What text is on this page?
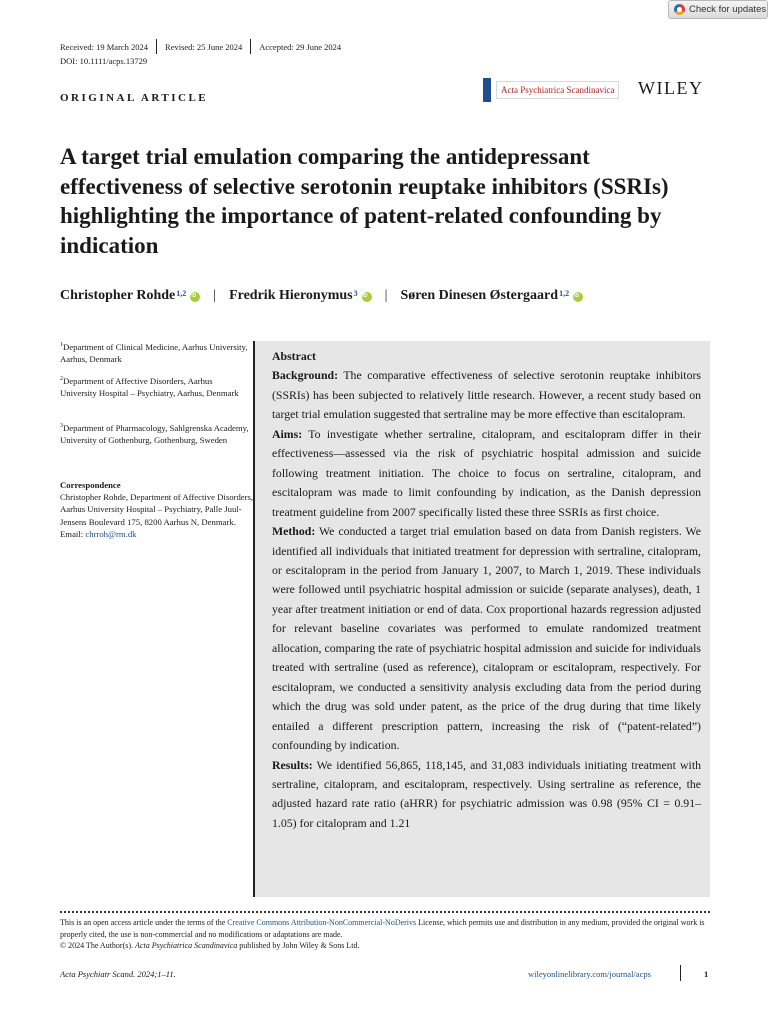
Check for updates
Received: 19 March 2024 Revised: 25 June 2024 Accepted: 29 June 2024
DOI: 10.1111/acps.13729
ORIGINAL ARTICLE
Acta Psychiatrica Scandinavica WILEY
A target trial emulation comparing the antidepressant effectiveness of selective serotonin reuptake inhibitors (SSRIs) highlighting the importance of patent-related confounding by indication
Christopher Rohde$^{1,2}$ iD | Fredrik Hieronymus$^3$ iD | Søren Dinesen Østergaard$^{1,2}$
iD
$^1$Department of Clinical Medicine, Aarhus University, Aarhus, Denmark
$^2$Department of Affective Disorders, Aarhus University Hospital – Psychiatry, Aarhus, Denmark
$^3$Department of Pharmacology, Sahlgrenska Academy, University of Gothenburg, Gothenburg, Sweden
Correspondence
Christopher Rohde, Department of Affective Disorders, Aarhus University Hospital – Psychiatry, Palle Juul-Jensens Boulevard 175, 8200 Aarhus N, Denmark.
Email: chrroh@rm.dk
Abstract
Background: The comparative effectiveness of selective serotonin reuptake inhibitors (SSRIs) has been subjected to relatively little research. However, a recent study based on target trial emulation suggested that sertraline may be more effective than escitalopram.
Aims: To investigate whether sertraline, citalopram, and escitalopram differ in their effectiveness—assessed via the risk of psychiatric hospital admission and suicide following treatment initiation. The choice to focus on sertraline, citalopram, and escitalopram was made to limit confounding by indication, as the Danish depression treatment guideline from 2007 specifically listed these three SSRIs as first choice.
Method: We conducted a target trial emulation based on data from Danish registers. We identified all individuals that initiated treatment for depression with sertraline, citalopram, or escitalopram in the period from January 1, 2007, to March 1, 2019. These individuals were followed until psychiatric hospital admission or suicide (separate analyses), death, 1 year after treatment initiation or end of data. Cox proportional hazards regression adjusted for relevant baseline covariates was performed to emulate randomized treatment allocation, comparing the rate of psychiatric hospital admission and suicide for individuals treated with sertraline (used as reference), citalopram or escitalopram, respectively. For escitalopram, we conducted a sensitivity analysis excluding data from the period during which the drug was sold under patent, as the price of the drug during that time likely entailed a different prescription pattern, increasing the risk of (“patent-related”) confounding by indication.
Results: We identified 56,865, 118,145, and 31,083 individuals initiating treatment with sertraline, citalopram, and escitalopram, respectively. Using sertraline as reference, the adjusted hazard rate ratio (aHRR) for psychiatric admission was 0.98 (95% CI = 0.91–1.05) for citalopram and 1.21
This is an open access article under the terms of the Creative Commons Attribution-NonCommercial-NoDerivs License, which permits use and distribution in any medium, provided the original work is properly cited, the use is non-commercial and no modifications or adaptations are made.
© 2024 The Author(s). Acta Psychiatrica Scandinavica published by John Wiley & Sons Ltd.
Acta Psychiatr Scand. 2024;1–11.	wileyonlinelibrary.com/journal/acps	1
